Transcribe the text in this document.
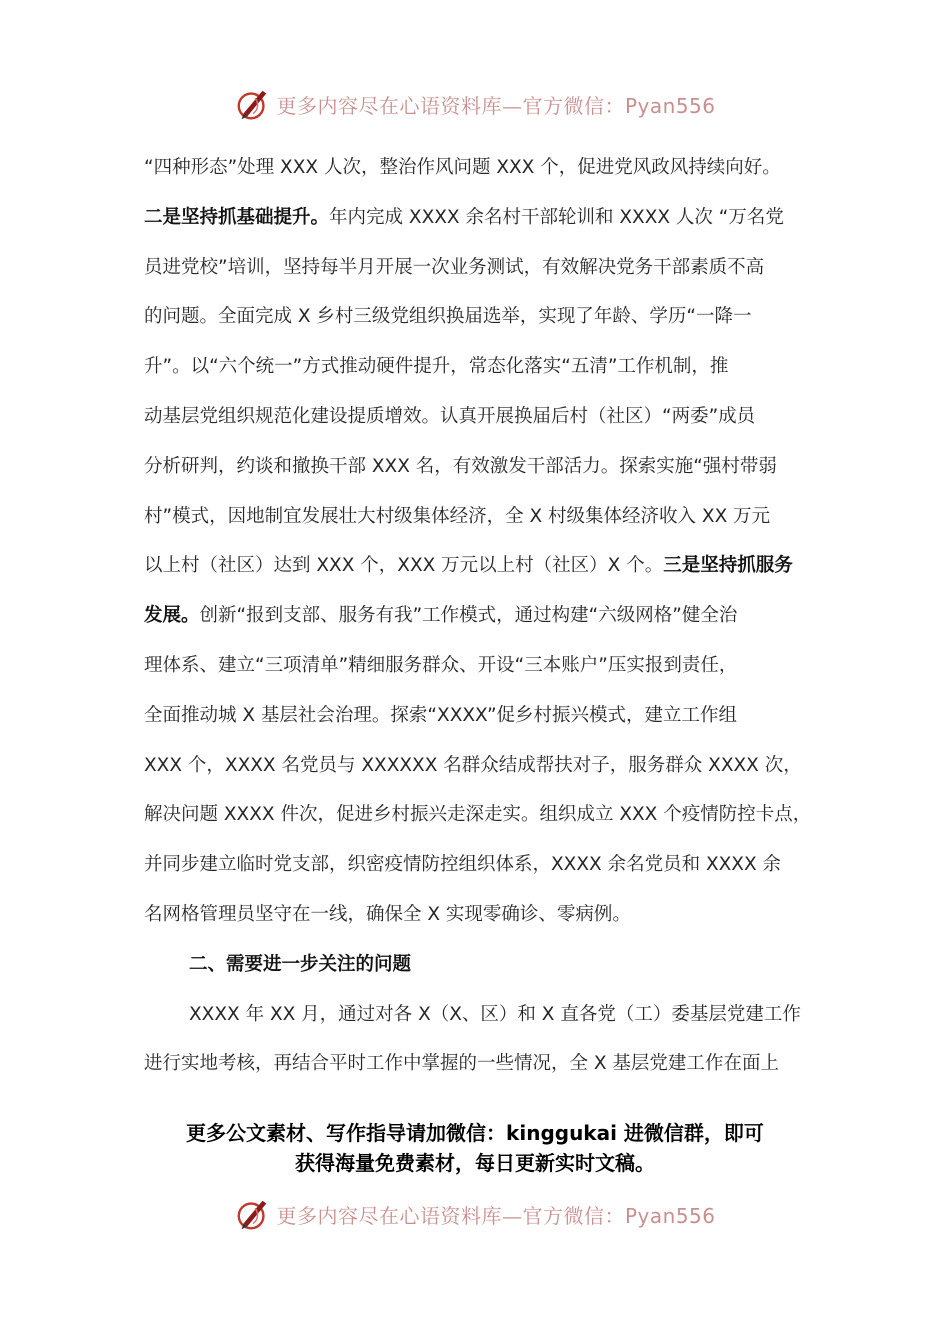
更多内容尽在心语资料库—官方微信：Pyan556
“四种形态”处理 XXX 人次，整治作风问题 XXX 个，促进党风政风持续向好。
二是坚持抓基础提升。年内完成 XXXX 余名村干部轮训和 XXXX 人次 “万名党
员进党校”培训，坚持每半月开展一次业务测试，有效解决党务干部素质不高
的问题。全面完成 X 乡村三级党组织换届选举，实现了年龄、学历“一降一
升”。以“六个统一”方式推动硬件提升，常态化落实“五清”工作机制，推
动基层党组织规范化建设提质增效。认真开展换届后村（社区）“两委”成员
分析研判，约谈和撤换干部 XXX 名，有效激发干部活力。探索实施“强村带弱
村”模式，因地制宜发展壮大村级集体经济，全 X 村级集体经济收入 XX 万元
以上村（社区）达到 XXX 个，XXX 万元以上村（社区）X 个。三是坚持抓服务
发展。创新“报到支部、服务有我”工作模式，通过构建“六级网格”健全治
理体系、建立“三项清单”精细服务群众、开设“三本账户”压实报到责任，
全面推动城 X 基层社会治理。探索“XXXX”促乡村振兴模式，建立工作组
XXX 个，XXXX 名党员与 XXXXXX 名群众结成帮扶对子，服务群众 XXXX 次，
解决问题 XXXX 件次，促进乡村振兴走深走实。组织成立 XXX 个疫情防控卡点，
并同步建立临时党支部，织密疫情防控组织体系，XXXX 余名党员和 XXXX 余
名网格管理员坚守在一线，确保全 X 实现零确诊、零病例。
二、需要进一步关注的问题
XXXX 年 XX 月，通过对各 X（X、区）和 X 直各党（工）委基层党建工作
进行实地考核，再结合平时工作中掌握的一些情况，全 X 基层党建工作在面上
更多公文素材、写作指导请加微信：kinggukai 进微信群，即可
获得海量免费素材，每日更新实时文稿。
更多内容尽在心语资料库—官方微信：Pyan556
